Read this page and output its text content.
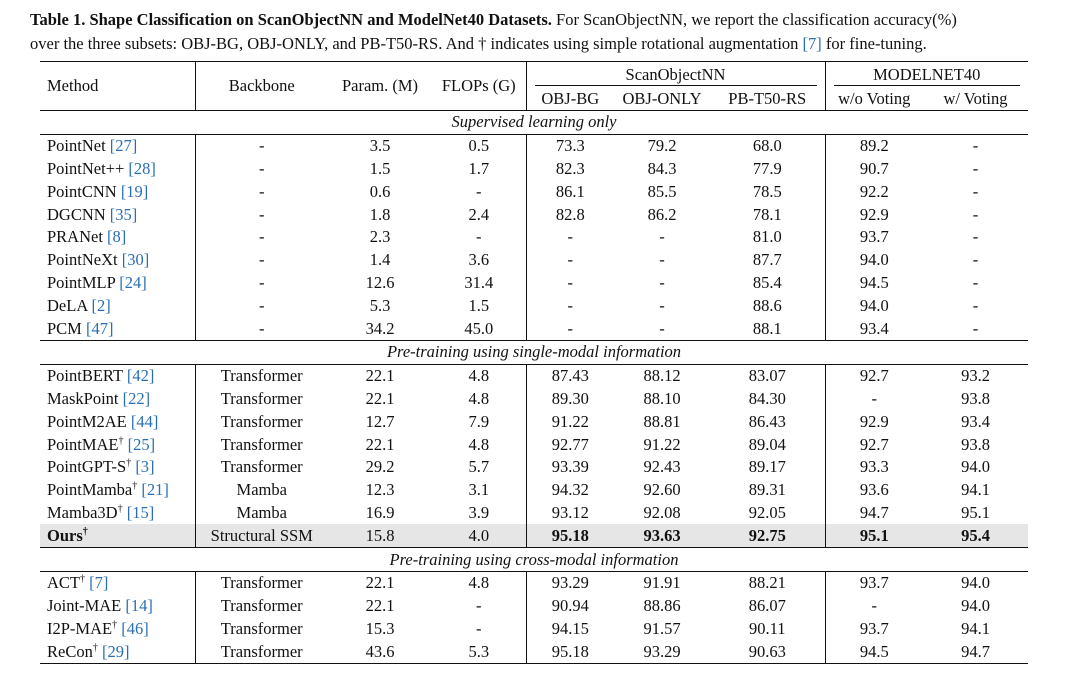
Table 1. Shape Classification on ScanObjectNN and ModelNet40 Datasets. For ScanObjectNN, we report the classification accuracy(%)
over the three subsets: OBJ-BG, OBJ-ONLY, and PB-T50-RS. And † indicates using simple rotational augmentation [7] for fine-tuning.
Method	Backbone	Param. (M)	FLOPs (G)	ScanObjectNN			MODELNET40	

				OBJ-BG	OBJ-ONLY	PB-T50-RS	w/o Voting	w/ Voting
Supervised learning only								
PointNet [27]	-	3.5	0.5	73.3	79.2	68.0	89.2	-
PointNet++ [28]	-	1.5	1.7	82.3	84.3	77.9	90.7	-
PointCNN [19]	-	0.6	-	86.1	85.5	78.5	92.2	-
DGCNN [35]	-	1.8	2.4	82.8	86.2	78.1	92.9	-
PRANet [8]	-	2.3	-	-	-	81.0	93.7	-
PointNeXt [30]	-	1.4	3.6	-	-	87.7	94.0	-
PointMLP [24]	-	12.6	31.4	-	-	85.4	94.5	-
DeLA [2]	-	5.3	1.5	-	-	88.6	94.0	-
PCM [47]	-	34.2	45.0	-	-	88.1	93.4	-
Pre-training using single-modal information								
PointBERT [42]	Transformer	22.1	4.8	87.43	88.12	83.07	92.7	93.2
MaskPoint [22]	Transformer	22.1	4.8	89.30	88.10	84.30	-	93.8
PointM2AE [44]	Transformer	12.7	7.9	91.22	88.81	86.43	92.9	93.4
PointMAE† [25]	Transformer	22.1	4.8	92.77	91.22	89.04	92.7	93.8
PointGPT-S† [3]	Transformer	29.2	5.7	93.39	92.43	89.17	93.3	94.0
PointMamba† [21]	Mamba	12.3	3.1	94.32	92.60	89.31	93.6	94.1
Mamba3D† [15]	Mamba	16.9	3.9	93.12	92.08	92.05	94.7	95.1
Ours†	Structural SSM	15.8	4.0	95.18	93.63	92.75	95.1	95.4
Pre-training using cross-modal information								
ACT† [7]	Transformer	22.1	4.8	93.29	91.91	88.21	93.7	94.0
Joint-MAE [14]	Transformer	22.1	-	90.94	88.86	86.07	-	94.0
I2P-MAE† [46]	Transformer	15.3	-	94.15	91.57	90.11	93.7	94.1
ReCon† [29]	Transformer	43.6	5.3	95.18	93.29	90.63	94.5	94.7
